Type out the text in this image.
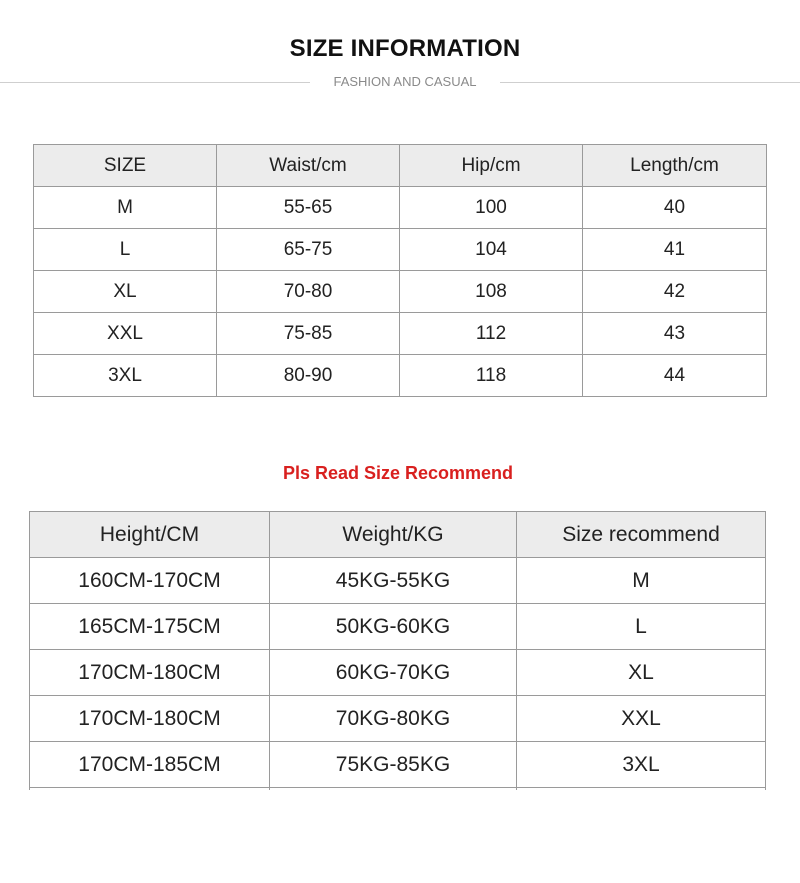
SIZE INFORMATION
FASHION AND CASUAL
SIZE	Waist/cm	Hip/cm	Length/cm
M	55-65	100	40
L	65-75	104	41
XL	70-80	108	42
XXL	75-85	112	43
3XL	80-90	118	44
Pls Read Size Recommend
Height/CM	Weight/KG	Size recommend
160CM-170CM	45KG-55KG	M
165CM-175CM	50KG-60KG	L
170CM-180CM	60KG-70KG	XL
170CM-180CM	70KG-80KG	XXL
170CM-185CM	75KG-85KG	3XL
